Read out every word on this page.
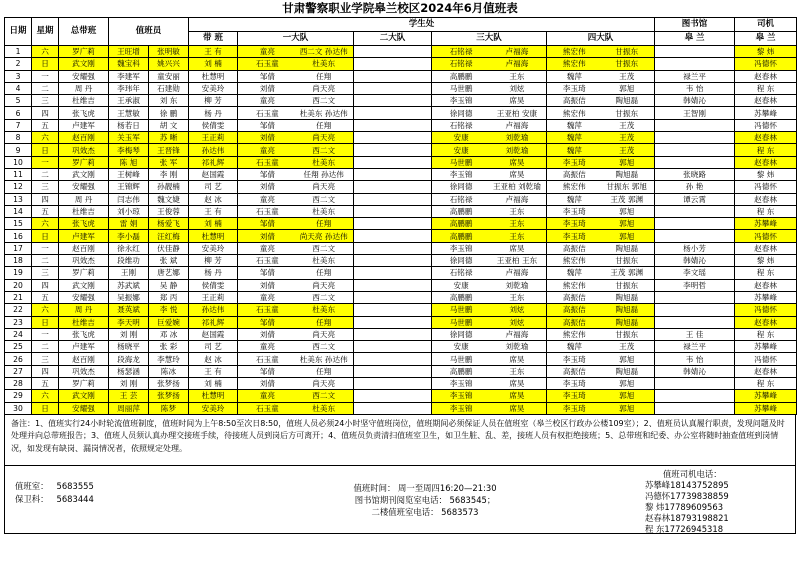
甘肃警察职业学院皋兰校区2024年6月值班表
日期	星期	总带班	值班员		学生处					图书馆	司机
					带 班	一大队	二大队	三大队	四大队	皋 兰	皋 兰
1	六	罗广莉	王旺增	张明敏	王 有	童亮 西二文 孙达伟		石铭禄 卢福海	熊宏伟 甘振东		黎 炜
2	日	武文刚	魏宝科	姚兴兴	刘 楠	石玉童 杜美东		石铭禄 卢福海	熊宏伟 甘振东		冯德怀
3	一	安耀强	李建军	童安丽	杜慧明	邹倩 任翔		高鹏鹏 王东	魏萍 王茂	禄兰平	赵春林
4	二	周 丹	李玮年	石建勋	安美玲	刘倩 尚天亮		马世鹏 刘炫	李玉琦 郭旭	韦 怡	程 东
5	三	杜维吉	王承淑	刘 东	柳 芳	童亮 西二文		李玉锦 席昊	高振佶 陶旭磊	韩婧沁	赵春林
6	四	张飞虎	王慧敏	徐 鹏	杨 丹	石玉童 杜美东 孙达伟		徐同德 王亚柏 安康	熊宏伟 甘振东	王智刚	苏攀峰
7	五	卢建军	杨若日	胡 文	侯倩雯	邹倩 任翔		石铭禄 卢福海	魏萍 王茂		冯德怀
8	六	赵百刚	关玉军	苏 晰	王正莉	刘倩 尚天亮		安康 刘乾瑜	魏萍 王茂		赵春林
9	日	巩效杰	李梅琴	王晋锋	孙达伟	童亮 西二文		安康 刘乾瑜	魏萍 王茂		程 东
10	一	罗广莉	陈 旭	张 军	祁礼辉	石玉童 杜美东		马世鹏 席昊	李玉琦 郭旭		赵春林
11	二	武文刚	王树峰	李 刚	赵国霞	邹倩 任翔 孙达伟		李玉锦 席昊	高振佶 陶旭磊	张晓路	黎 炜
12	三	安耀强	王锦辉	孙靓楠	司 艺	刘倩 尚天亮		徐同德 王亚柏 刘乾瑜	熊宏伟 甘振东 郭旭	孙 艳	冯德怀
13	四	周 丹	闫志伟	魏文婕	赵 冰	童亮 西二文		石铭禄 卢福海	魏萍 王茂 郭渊	谭云霄	赵春林
14	五	杜维吉	刘小琼	王俊蓉	王 有	石玉童 杜美东		高鹏鹏 王东	李玉琦 郭旭		程 东
15	六	张飞虎	雷 娟	杨爱飞	刘 楠	邹倩 任翔		高鹏鹏 王东	李玉琦 郭旭		苏攀峰
16	日	卢建军	李小磊	汪红梅	杜慧明	刘倩 尚天亮 孙达伟		高鹏鹏 王东	李玉琦 郭旭		冯德怀
17	一	赵百刚	徐永红	伏佳静	安美玲	童亮 西二文		李玉锦 席昊	高振佶 陶旭磊	杨小芳	赵春林
18	二	巩效杰	段维功	张 斌	柳 芳	石玉童 杜美东		徐同德 王亚柏 王东	熊宏伟 甘振东	韩婧沁	黎 炜
19	三	罗广莉	王刚	唐艺娜	杨 丹	邹倩 任翔		石铭禄 卢福海	魏萍 王茂 郭渊	李文瑶	程 东
20	四	武文刚	苏武斌	吴 静	侯倩雯	刘倩 尚天亮		安康 刘乾瑜	熊宏伟 甘振东	李明哲	赵春林
21	五	安耀强	吴振娜	郑 丙	王正莉	童亮 西二文		高鹏鹏 王东	高振佶 陶旭磊		苏攀峰
22	六	周 丹	聂英斌	李 悦	孙达伟	石玉童 杜美东		马世鹏 刘炫	高振佶 陶旭磊		冯德怀
23	日	杜维吉	李天明	巨爱婉	祁礼辉	邹倩 任翔		马世鹏 刘炫	高振佶 陶旭磊		赵春林
24	一	张飞虎	刘 刚	邓 冰	赵国霞	刘倩 尚天亮		徐同德 卢福海	熊宏伟 甘振东	王 佳	程 东
25	二	卢建军	杨晓平	张 彩	司 艺	童亮 西二文		安康 刘乾瑜	魏萍 王茂	禄兰平	苏攀峰
26	三	赵百刚	段海龙	李慧玲	赵 冰	石玉童 杜美东 孙达伟		马世鹏 席昊	李玉琦 郭旭	韦 怡	冯德怀
27	四	巩效杰	杨瑟涵	陈冰	王 有	邹倩 任翔		高鹏鹏 王东	高振佶 陶旭磊	韩婧沁	赵春林
28	五	罗广莉	刘 刚	张梦扬	刘 楠	刘倩 尚天亮		李玉锦 席昊	李玉琦 郭旭		程 东
29	六	武文刚	王 芸	张梦扬	杜慧明	童亮 西二文		李玉锦 席昊	李玉琦 郭旭		苏攀峰
30	日	安耀强	周丽萍	陈梦	安美玲	石玉童 杜美东		李玉锦 席昊	李玉琦 郭旭		苏攀峰
备注：1、值班实行24小时轮流值班制度，值班时间为上午8:50至次日8:50，值班人员必须24小时坚守值班岗位，值班期间必须保证人员在值班室（皋兰校区行政办公楼109室）；2、值班员认真履行职责，发现问题及时处理并向总带班报告；3、值班人员须认真办理交接班手续，待接班人员到岗后方可离开；4、值班员负责清扫值班室卫生，如卫生脏、乱、差，接班人员有权拒绝接班；5、总带班和纪委、办公室将随时抽查值班到岗情况，如发现有缺岗、漏岗情况者，依照规定处理。
值班室： 5683555
保卫科： 5683444
值班时间： 周一至周四16:20—21:30
图书馆期刊阅览室电话： 5683545；
二楼值班室电话： 5683573
值班司机电话：
苏攀峰18143752895
冯德怀17739838859
黎 炜17789609563
赵春林18793198821
程 东17726945318
